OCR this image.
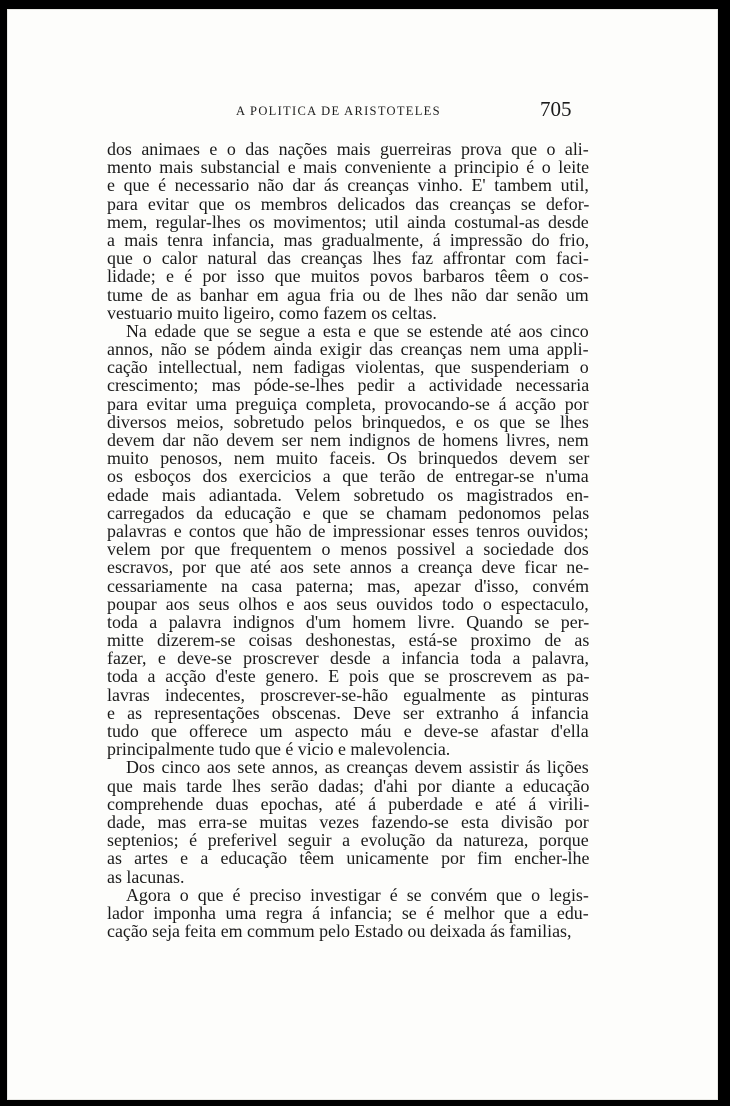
A POLITICA DE ARISTOTELES	705
dos animaes e o das nações mais guerreiras prova que o ali-
mento mais substancial e mais conveniente a principio é o leite
e que é necessario não dar ás creanças vinho. E' tambem util,
para evitar que os membros delicados das creanças se defor-
mem, regular-lhes os movimentos; util ainda costumal-as desde
a mais tenra infancia, mas gradualmente, á impressão do frio,
que o calor natural das creanças lhes faz affrontar com faci-
lidade; e é por isso que muitos povos barbaros têem o cos-
tume de as banhar em agua fria ou de lhes não dar senão um
vestuario muito ligeiro, como fazem os celtas.
Na edade que se segue a esta e que se estende até aos cinco
annos, não se pódem ainda exigir das creanças nem uma appli-
cação intellectual, nem fadigas violentas, que suspenderiam o
crescimento; mas póde-se-lhes pedir a actividade necessaria
para evitar uma preguiça completa, provocando-se á acção por
diversos meios, sobretudo pelos brinquedos, e os que se lhes
devem dar não devem ser nem indignos de homens livres, nem
muito penosos, nem muito faceis. Os brinquedos devem ser
os esboços dos exercicios a que terão de entregar-se n'uma
edade mais adiantada. Velem sobretudo os magistrados en-
carregados da educação e que se chamam pedonomos pelas
palavras e contos que hão de impressionar esses tenros ouvidos;
velem por que frequentem o menos possivel a sociedade dos
escravos, por que até aos sete annos a creança deve ficar ne-
cessariamente na casa paterna; mas, apezar d'isso, convém
poupar aos seus olhos e aos seus ouvidos todo o espectaculo,
toda a palavra indignos d'um homem livre. Quando se per-
mitte dizerem-se coisas deshonestas, está-se proximo de as
fazer, e deve-se proscrever desde a infancia toda a palavra,
toda a acção d'este genero. E pois que se proscrevem as pa-
lavras indecentes, proscrever-se-hão egualmente as pinturas
e as representações obscenas. Deve ser extranho á infancia
tudo que offerece um aspecto máu e deve-se afastar d'ella
principalmente tudo que é vicio e malevolencia.
Dos cinco aos sete annos, as creanças devem assistir ás lições
que mais tarde lhes serão dadas; d'ahi por diante a educação
comprehende duas epochas, até á puberdade e até á virili-
dade, mas erra-se muitas vezes fazendo-se esta divisão por
septenios; é preferivel seguir a evolução da natureza, porque
as artes e a educação têem unicamente por fim encher-lhe
as lacunas.
Agora o que é preciso investigar é se convém que o legis-
lador imponha uma regra á infancia; se é melhor que a edu-
cação seja feita em commum pelo Estado ou deixada ás familias,
